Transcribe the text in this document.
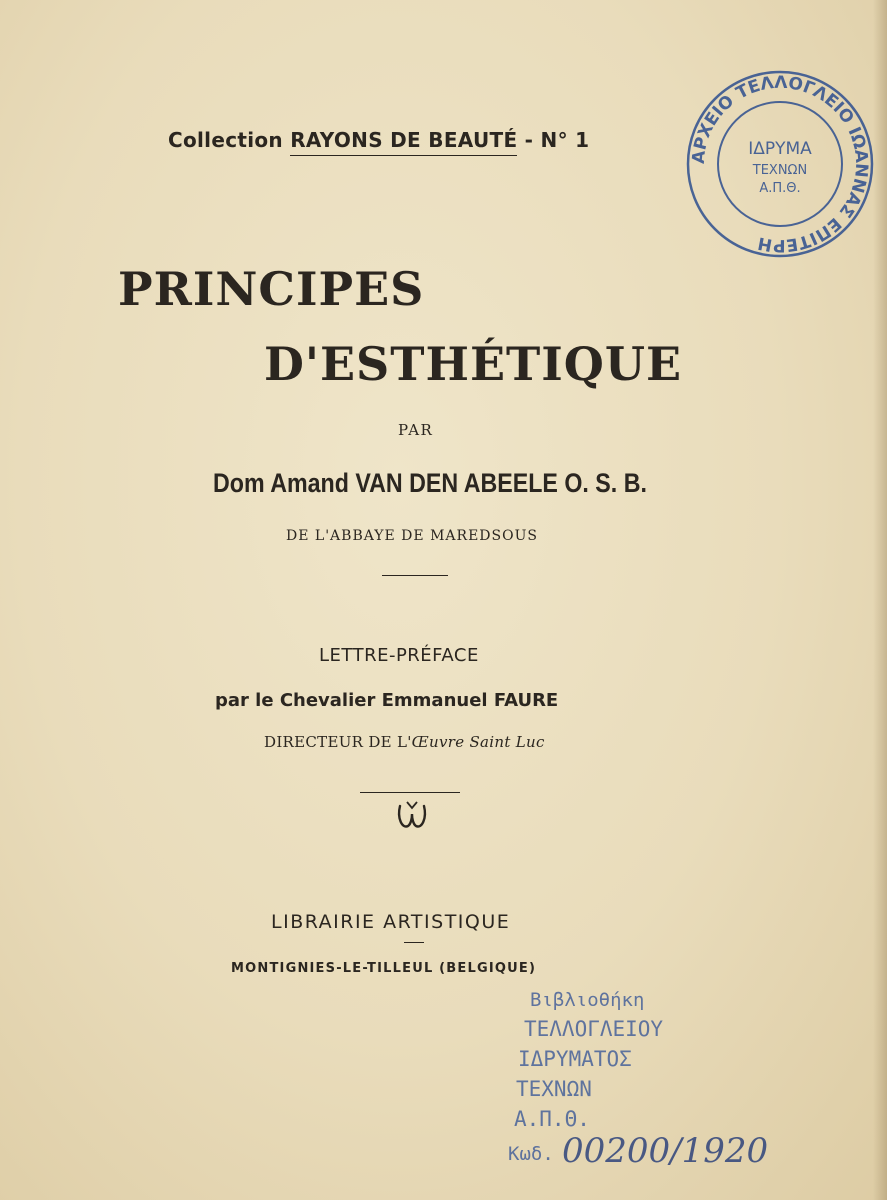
Collection RAYONS DE BEAUTÉ - N° 1
PRINCIPES
D'ESTHÉTIQUE
PAR
Dom Amand VAN DEN ABEELE O. S. B.
DE L'ABBAYE DE MAREDSOUS
LETTRE-PRÉFACE
par le Chevalier Emmanuel FAURE
DIRECTEUR DE L'Œuvre Saint Luc
LIBRAIRIE ARTISTIQUE
MONTIGNIES-LE-TILLEUL (BELGIQUE)
ΑΡΧΕΙΟ ΤΕΛΛΟΓΛΕΙΟ ΙΩΑΝΝΑΣ ΕΠΙΤΕΡΗ
ΙΔΡΥΜΑ
ΤΕΧΝΩΝ
Α.Π.Θ.
Βιβλιοθήκη
ΤΕΛΛΟΓΛΕΙΟΥ
ΙΔΡΥΜΑΤΟΣ
ΤΕΧΝΩΝ
Α.Π.Θ.
Κωδ. 00200/1920
